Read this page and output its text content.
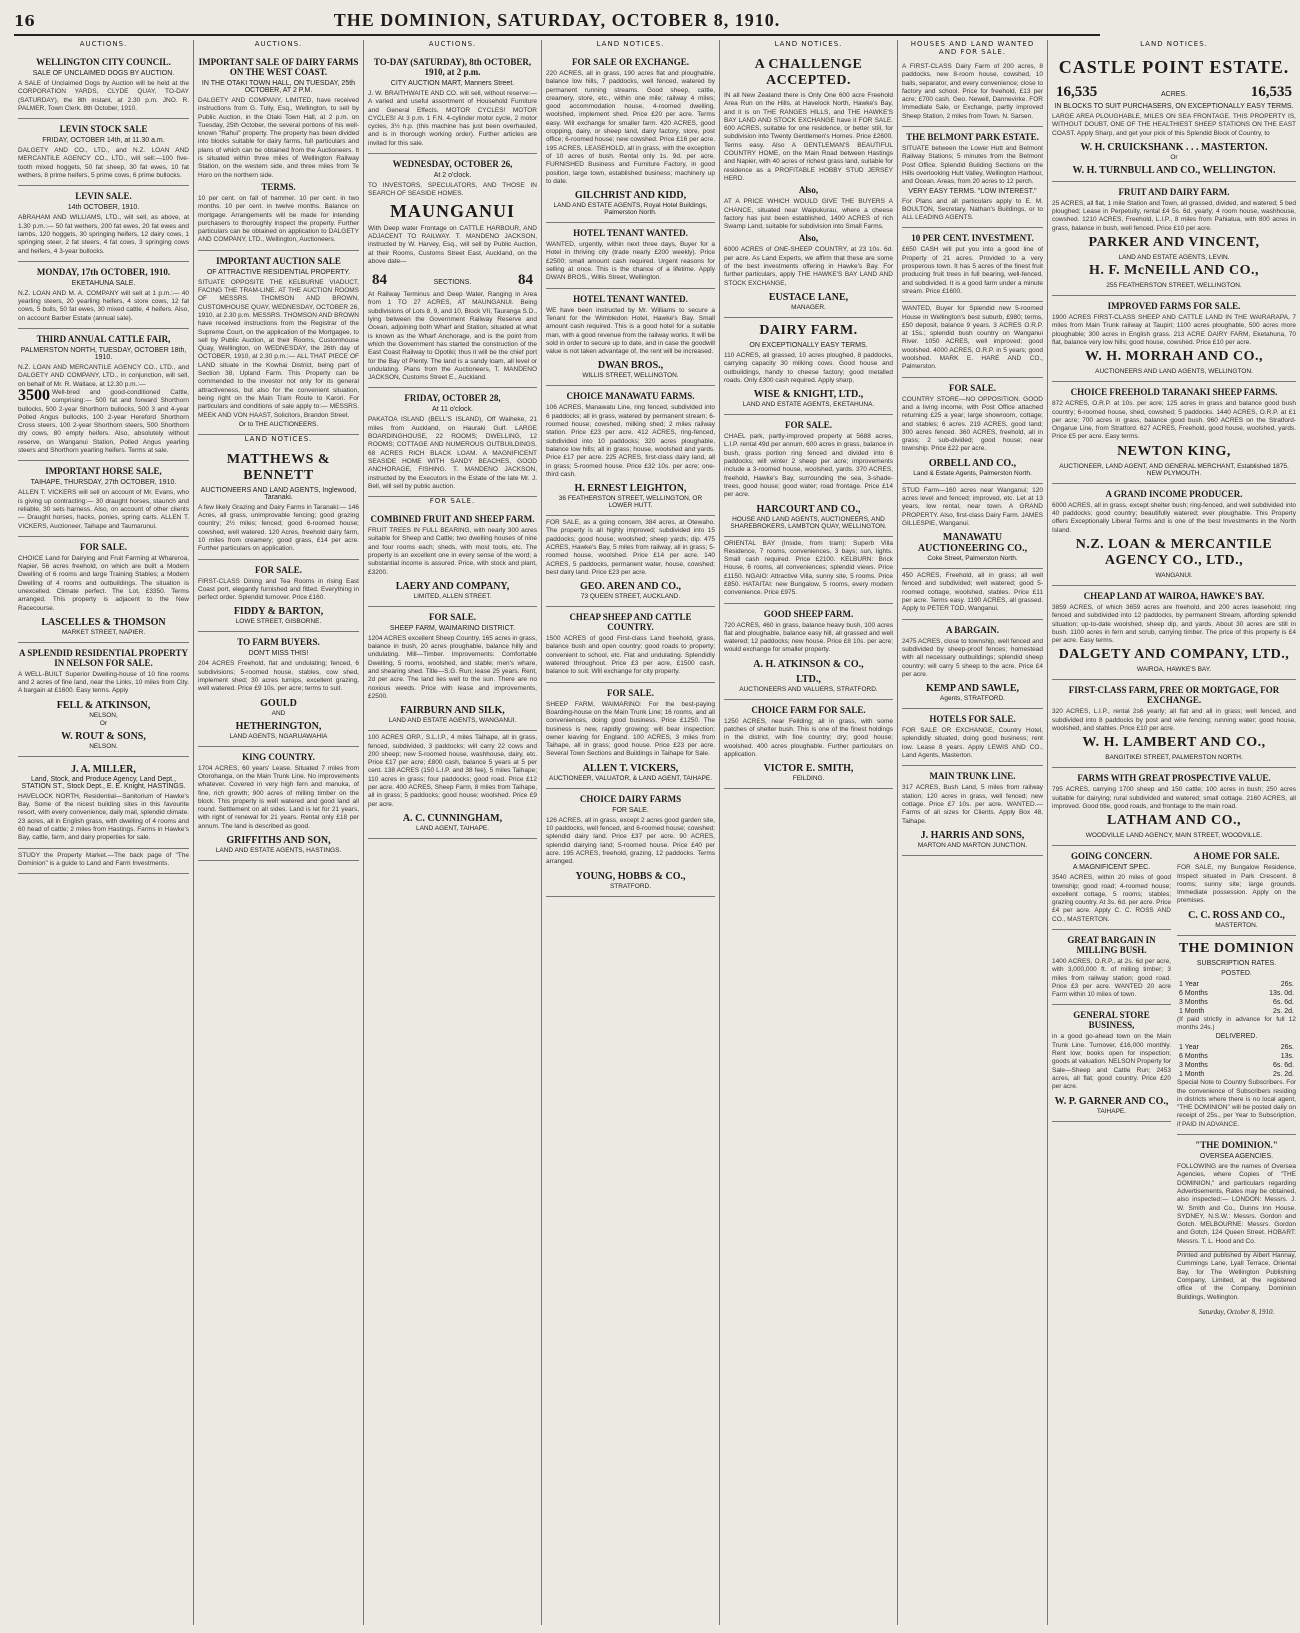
16	THE DOMINION, SATURDAY, OCTOBER 8, 1910.
AUCTIONS.
WELLINGTON CITY COUNCIL.
SALE OF UNCLAIMED DOGS BY AUCTION.

A SALE of Unclaimed Dogs by Auction will be held at the CORPORATION YARDS, CLYDE QUAY, TO-DAY (SATURDAY), the 8th instant, at 2.30 p.m. JNO. R. PALMER, Town Clerk. 8th October, 1910.

LEVIN STOCK SALE
FRIDAY, OCTOBER 14th, at 11.30 a.m.

DALGETY AND CO., LTD., and N.Z. LOAN AND MERCANTILE AGENCY CO., LTD., will sell:—100 five-tooth mixed hoggets, 50 fat sheep, 30 fat ewes, 10 fat wethers, 8 prime heifers, 5 prime cows, 6 prime bullocks.

LEVIN SALE.
14th OCTOBER, 1910.

ABRAHAM AND WILLIAMS, LTD., will sell, as above, at 1.30 p.m.:— 50 fat wethers, 200 fat ewes, 20 fat ewes and lambs, 120 hoggets, 30 springing heifers, 12 dairy cows, 1 springing steer, 2 fat steers, 4 fat cows, 3 springing cows and heifers, 4 3-year bullocks.

MONDAY, 17th OCTOBER, 1910.
EKETAHUNA SALE.

N.Z. LOAN AND M. A. COMPANY will sell at 1 p.m.:— 40 yearling steers, 20 yearling heifers, 4 store cows, 12 fat cows, 5 bulls, 50 fat ewes, 30 mixed cattle, 4 heifers. Also, on account Barber Estate (annual sale).

THIRD ANNUAL CATTLE FAIR,
PALMERSTON NORTH, TUESDAY, OCTOBER 18th, 1910.

N.Z. LOAN AND MERCANTILE AGENCY CO., LTD., and DALGETY AND COMPANY, LTD., in conjunction, will sell, on behalf of Mr. R. Wallace, at 12.30 p.m.:—

3500 Well-bred and good-conditioned Cattle, comprising:— 500 fat and forward Shorthorn bullocks, 500 2-year Shorthorn bullocks, 500 3 and 4-year Polled Angus bullocks, 100 2-year Hereford Shorthorn Cross steers, 100 2-year Shorthorn steers, 500 Shorthorn dry cows, 80 empty heifers. Also, absolutely without reserve, on Wanganui Station, Polled Angus yearling steers and Shorthorn yearling heifers. Terms at sale.

IMPORTANT HORSE SALE,
TAIHAPE, THURSDAY, 27th OCTOBER, 1910.

ALLEN T. VICKERS will sell on account of Mr. Evans, who is giving up contracting:— 30 draught horses, staunch and reliable, 30 sets harness. Also, on account of other clients— Draught horses, hacks, ponies, spring carts. ALLEN T. VICKERS, Auctioneer, Taihape and Taumarunui.

FOR SALE.

CHOICE Land for Dairying and Fruit Farming at Whareroa, Napier, 56 acres freehold, on which are built a Modern Dwelling of 6 rooms and large Training Stables; a Modern Dwelling of 4 rooms and outbuildings. The situation is unexcelled. Climate perfect. The Lot, £3350. Terms arranged. This property is adjacent to the New Racecourse.

LASCELLES & THOMSON
MARKET STREET, NAPIER.
A SPLENDID RESIDENTIAL PROPERTY IN NELSON FOR SALE.

A WELL-BUILT Superior Dwelling-house of 10 fine rooms and 2 acres of fine land, near the Links, 10 miles from City. A bargain at £1600. Easy terms. Apply

FELL & ATKINSON,
NELSON,
Or
W. ROUT & SONS,
NELSON.
J. A. MILLER,
Land, Stock, and Produce Agency, Land Dept., STATION ST., Stock Dept., E. E. Knight, HASTINGS.

HAVELOCK NORTH, Residential—Sanitorium of Hawke's Bay. Some of the nicest building sites in this favourite resort, with every convenience, daily mail, splendid climate. 23 acres, all in English grass, with dwelling of 4 rooms and 60 head of cattle; 2 miles from Hastings. Farms in Hawke's Bay, cattle, farm, and dairy properties for sale.

STUDY the Property Market.—The back page of "The Dominion" is a guide to Land and Farm Investments.

AUCTIONS.
IMPORTANT SALE OF DAIRY FARMS ON THE WEST COAST.
IN THE OTAKI TOWN HALL, ON TUESDAY, 25th OCTOBER, AT 2 P.M.

DALGETY AND COMPANY, LIMITED, have received instructions from G. Tully, Esq., Wellington, to sell by Public Auction, in the Otaki Town Hall, at 2 p.m. on Tuesday, 25th October, the several portions of his well-known "Rahui" property. The property has been divided into blocks suitable for dairy farms, full particulars and plans of which can be obtained from the Auctioneers. It is situated within three miles of Wellington Railway Station, on the western side, and three miles from Te Horo on the northern side.

TERMS.

10 per cent. on fall of hammer. 10 per cent. in two months. 10 per cent. in twelve months. Balance on mortgage. Arrangements will be made for intending purchasers to thoroughly inspect the property. Further particulars can be obtained on application to DALGETY AND COMPANY, LTD., Wellington, Auctioneers.

IMPORTANT AUCTION SALE
OF ATTRACTIVE RESIDENTIAL PROPERTY.

SITUATE OPPOSITE THE KELBURNE VIADUCT, FACING THE TRAM-LINE. AT THE AUCTION ROOMS OF MESSRS. THOMSON AND BROWN, CUSTOMHOUSE QUAY, WEDNESDAY, OCTOBER 26, 1910, at 2.30 p.m. MESSRS. THOMSON AND BROWN have received instructions from the Registrar of the Supreme Court, on the application of the Mortgagee, to sell by Public Auction, at their Rooms, Customhouse Quay, Wellington, on WEDNESDAY, the 26th day of OCTOBER, 1910, at 2.30 p.m.:— ALL THAT PIECE OF LAND situate in the Kowhai District, being part of Section 38, Upland Farm. This Property can be commended to the investor not only for its general attractiveness, but also for the convenient situation, being right on the Main Tram Route to Karori. For particulars and conditions of sale apply to:— MESSRS. MEEK AND VON HAAST, Solicitors, Brandon Street.

Or to THE AUCTIONEERS.
LAND NOTICES.
MATTHEWS & BENNETT
AUCTIONEERS AND LAND AGENTS, Inglewood, Taranaki.

A few likely Grazing and Dairy Farms in Taranaki:— 146 Acres, all grass, unimprovable fencing; good grazing country; 2½ miles; fenced; good 6-roomed house; cowshed, well watered. 120 Acres, freehold dairy farm, 10 miles from creamery; good grass, £14 per acre. Further particulars on application.

FOR SALE.

FIRST-CLASS Dining and Tea Rooms in rising East Coast port, elegantly furnished and fitted. Everything in perfect order. Splendid turnover. Price £160.

FIDDY & BARTON,
LOWE STREET, GISBORNE.
TO FARM BUYERS.
DON'T MISS THIS!

204 ACRES Freehold, flat and undulating; fenced, 6 subdivisions; 5-roomed house, stables, cow shed, implement shed; 30 acres turnips, excellent grazing, well watered. Price £9 10s. per acre; terms to suit.

GOULD
AND
HETHERINGTON,
LAND AGENTS, NGARUAWAHIA
KING COUNTRY.

1704 ACRES, 60 years' Lease. Situated 7 miles from Otorohanga, on the Main Trunk Line. No improvements whatever. Covered in very high fern and manuka, of fine, rich growth; 900 acres of milling timber on the block. This property is well watered and good land all round. Settlement on all sides. Land is let for 21 years, with right of renewal for 21 years. Rental only £18 per annum. The land is described as good.

GRIFFITHS AND SON,
LAND AND ESTATE AGENTS, HASTINGS.
AUCTIONS.
TO-DAY (SATURDAY), 8th OCTOBER, 1910, at 2 p.m.
CITY AUCTION MART, Manners Street.

J. W. BRAITHWAITE AND CO. will sell, without reserve:— A varied and useful assortment of Household Furniture and General Effects. MOTOR CYCLES! MOTOR CYCLES! At 3 p.m. 1 F.N. 4-cylinder motor cycle, 2 motor cycles, 3½ h.p. (this machine has just been overhauled, and is in thorough working order). Further articles are invited for this sale.

WEDNESDAY, OCTOBER 26,
At 2 o'clock.

TO INVESTORS, SPECULATORS, AND THOSE IN SEARCH OF SEASIDE HOMES.

MAUNGANUI

With Deep water Frontage on CATTLE HARBOUR, AND ADJACENT TO RAILWAY. T. MANDENO JACKSON, instructed by W. Harvey, Esq., will sell by Public Auction, at their Rooms, Customs Street East, Auckland, on the above date—

84	SECTIONS.	84

At Railway Terminus and Deep Water, Ranging in Area from 1 TO 27 ACRES, AT MAUNGANUI. Being subdivisions of Lots 8, 9, and 10, Block VII, Tauranga S.D., lying between the Government Railway Reserve and Ocean, adjoining both Wharf and Station, situated at what is known as the Wharf Anchorage, and is the point from which the Government has started the construction of the East Coast Railway to Opotiki; thus it will be the chief port for the Bay of Plenty. The land is a sandy loam, all level or undulating. Plans from the Auctioneers, T. MANDENO JACKSON, Customs Street E., Auckland.

FRIDAY, OCTOBER 28,
At 11 o'clock.

PAKATOA ISLAND (BELL'S ISLAND), Off Waiheke, 21 miles from Auckland, on Hauraki Gulf. LARGE BOARDINGHOUSE, 22 ROOMS; DWELLING, 12 ROOMS; COTTAGE AND NUMEROUS OUTBUILDINGS. 68 ACRES RICH BLACK LOAM. A MAGNIFICENT SEASIDE HOME WITH SANDY BEACHES, GOOD ANCHORAGE, FISHING. T. MANDENO JACKSON, instructed by the Executors in the Estate of the late Mr. J. Bell, will sell by public auction.

FOR SALE.
COMBINED FRUIT AND SHEEP FARM.

FRUIT TREES IN FULL BEARING, with nearly 300 acres suitable for Sheep and Cattle; two dwelling houses of nine and four rooms each; sheds, with most tools, etc. The property is an excellent one in every sense of the word; a substantial income is assured. Price, with stock and plant, £3200.

LAERY AND COMPANY,
LIMITED, ALLEN STREET.
FOR SALE.
SHEEP FARM, WAIMARINO DISTRICT.

1204 ACRES excellent Sheep Country, 165 acres in grass, balance in bush, 20 acres ploughable, balance hilly and undulating. Mill—Timber. Improvements: Comfortable Dwelling, 5 rooms, woolshed, and stable; men's whare, and shearing shed. Title—S.G. Run; lease 25 years. Rent, 2d per acre. The land lies well to the sun. There are no noxious weeds. Price with lease and improvements, £2500.

FAIRBURN AND SILK,
LAND AND ESTATE AGENTS, WANGANUI.

100 ACRES ORP., S.L.I.P., 4 miles Taihape, all in grass, fenced, subdivided, 3 paddocks; will carry 22 cows and 200 sheep; new 5-roomed house, washhouse, dairy, etc. Price £17 per acre; £800 cash, balance 5 years at 5 per cent. 138 ACRES (150 L.I.P. and 38 fee), 5 miles Taihape; 110 acres in grass; four paddocks; good road. Price £12 per acre. 400 ACRES, Sheep Farm, 8 miles from Taihape, all in grass; 5 paddocks; good house; woolshed. Price £9 per acre.

A. C. CUNNINGHAM,
LAND AGENT, TAIHAPE.
LAND NOTICES.
FOR SALE OR EXCHANGE.

220 ACRES, all in grass, 190 acres flat and ploughable, balance low hills, 7 paddocks, well fenced, watered by permanent running streams. Good sheep, cattle, creamery, store, etc., within one mile; railway 4 miles; good accommodation house, 4-roomed dwelling, woolshed, implement shed. Price £20 per acre. Terms easy. Will exchange for smaller farm. 420 ACRES, good cropping, dairy, or sheep land, dairy factory, store, post office; 6-roomed house; new cowshed. Price £16 per acre. 195 ACRES, LEASEHOLD, all in grass, with the exception of 10 acres of bush. Rental only 1s. 9d. per acre. FURNISHED Business and Furniture Factory, in good position, large town, established business; machinery up to date.

GILCHRIST AND KIDD,
LAND AND ESTATE AGENTS, Royal Hotel Buildings, Palmerston North.
HOTEL TENANT WANTED.

WANTED, urgently, within next three days, Buyer for a Hotel in thriving city (trade nearly £200 weekly). Price £2500; small amount cash required. Urgent reasons for selling at once. This is the chance of a lifetime. Apply DWAN BROS., Willis Street, Wellington.

HOTEL TENANT WANTED.

WE have been instructed by Mr. Williams to secure a Tenant for the Wimbledon Hotel, Hawke's Bay. Small amount cash required. This is a good hotel for a suitable man, with a good revenue from the railway works. It will be sold in order to secure up to date, and in case the goodwill value is not taken advantage of, the rent will be increased.

DWAN BROS.,
WILLIS STREET, WELLINGTON.
CHOICE MANAWATU FARMS.

106 ACRES, Manawatu Line, ring fenced, subdivided into 6 paddocks; all in grass, watered by permanent stream; 6-roomed house; cowshed, milking shed; 2 miles railway station. Price £23 per acre. 412 ACRES, ring-fenced, subdivided into 10 paddocks; 320 acres ploughable, balance low hills; all in grass; house, woolshed and yards. Price £17 per acre. 225 ACRES, first-class dairy land, all in grass; 5-roomed house. Price £32 10s. per acre; one-third cash.

H. ERNEST LEIGHTON,
36 FEATHERSTON STREET, WELLINGTON, OR LOWER HUTT.

FOR SALE, as a going concern, 384 acres, at Otewaho. The property is all highly improved; subdivided into 15 paddocks; good house; woolshed; sheep yards; dip. 475 ACRES, Hawke's Bay, 5 miles from railway, all in grass; 5-roomed house, woolshed. Price £14 per acre. 140 ACRES, 5 paddocks, permanent water, house, cowshed; best dairy land. Price £23 per acre.

GEO. AREN AND CO.,
73 QUEEN STREET, AUCKLAND.
CHEAP SHEEP AND CATTLE COUNTRY.

1500 ACRES of good First-class Land freehold, grass, balance bush and open country; good roads to property; convenient to school, etc. Flat and undulating. Splendidly watered throughout. Price £3 per acre, £1500 cash, balance to suit. Will exchange for city property.

FOR SALE.

SHEEP FARM, WAIMARINO: For the best-paying Boarding-house on the Main Trunk Line; 16 rooms, and all conveniences, doing good business. Price £1250. The business is new, rapidly growing; will bear inspection; owner leaving for England. 100 ACRES, 3 miles from Taihape, all in grass; good house. Price £23 per acre. Several Town Sections and Buildings in Taihape for Sale.

ALLEN T. VICKERS,
AUCTIONEER, VALUATOR, & LAND AGENT, TAIHAPE.
CHOICE DAIRY FARMS
FOR SALE.

126 ACRES, all in grass, except 2 acres good garden site, 10 paddocks, well fenced, and 6-roomed house; cowshed; splendid dairy land. Price £37 per acre. 90 ACRES, splendid dairying land; 5-roomed house. Price £40 per acre. 195 ACRES, freehold, grazing, 12 paddocks. Terms arranged.

YOUNG, HOBBS & CO.,
STRATFORD.
LAND NOTICES.
A CHALLENGE ACCEPTED.

IN all New Zealand there is Only One 600 acre Freehold Area Run on the Hills, at Havelock North, Hawke's Bay, and it is on THE RANGES HILLS, and THE HAWKE'S BAY LAND AND STOCK EXCHANGE have it FOR SALE. 600 ACRES, suitable for one residence, or better still, for subdivision into Twenty Gentlemen's Homes. Price £2600. Terms easy. Also A GENTLEMAN'S BEAUTIFUL COUNTRY HOME, on the Main Road between Hastings and Napier, with 40 acres of richest grass land, suitable for residence as a PROFITABLE HOBBY STUD JERSEY HERD.

Also,

AT A PRICE WHICH WOULD GIVE THE BUYERS A CHANCE, situated near Waipukurau, where a cheese factory has just been established, 1400 ACRES of rich Swamp Land, suitable for subdivision into Small Farms.

Also,

6000 ACRES of ONE-SHEEP COUNTRY, at 23 10s. 6d. per acre. As Land Experts, we affirm that these are some of the best investments offering in Hawke's Bay. For further particulars, apply THE HAWKE'S BAY LAND AND STOCK EXCHANGE,

EUSTACE LANE,
MANAGER.
DAIRY FARM.
ON EXCEPTIONALLY EASY TERMS.

110 ACRES, all grassed, 10 acres ploughed, 8 paddocks, carrying capacity 30 milking cows. Good house and outbuildings, handy to cheese factory; good metalled roads. Only £300 cash required. Apply sharp,

WISE & KNIGHT, LTD.,
LAND AND ESTATE AGENTS, EKETAHUNA.
FOR SALE.

CHAEL park, partly-improved property at 5688 acres, L.I.P. rental 49d per annum, 600 acres in grass, balance in bush, grass portion ring fenced and divided into 6 paddocks; will winter 2 sheep per acre; improvements include a 3-roomed house, woolshed, yards. 370 ACRES, freehold, Hawke's Bay, surrounding the sea, 3-shade-trees, good house; good water; road frontage. Price £14 per acre.

HARCOURT AND CO.,
HOUSE AND LAND AGENTS, AUCTIONEERS, AND SHAREBROKERS, LAMBTON QUAY, WELLINGTON.

ORIENTAL BAY (Inside, from tram): Superb Villa Residence, 7 rooms, conveniences, 3 bays; sun, lights. Small cash required. Price £2100. KELBURN: Brick House, 6 rooms, all conveniences; splendid views. Price £1150. NGAIO: Attractive Villa, sunny site, 5 rooms. Price £850. HATAITAI: new Bungalow, 5 rooms, every modern convenience. Price £975.

GOOD SHEEP FARM.

720 ACRES, 460 in grass, balance heavy bush, 100 acres flat and ploughable, balance easy hill, all grassed and well watered; 12 paddocks; new house. Price £8 10s. per acre; would exchange for smaller property.

A. H. ATKINSON & CO.,
LTD.,
AUCTIONEERS AND VALUERS, STRATFORD.
CHOICE FARM FOR SALE.

1250 ACRES, near Feilding; all in grass, with some patches of shelter bush. This is one of the finest holdings in the district, with fine country; dry; good house; woolshed. 400 acres ploughable. Further particulars on application.

VICTOR E. SMITH,
FEILDING.
HOUSES AND LAND WANTED AND FOR SALE.

A FIRST-CLASS Dairy Farm of 200 acres, 8 paddocks, new 8-room house, cowshed, 10 bails, separator, and every convenience; close to factory and school. Price for freehold, £13 per acre; £700 cash. Geo. Newell, Dannevirke. FOR Immediate Sale, or Exchange, partly improved Sheep Station, 2 miles from Town. N. Sarsen.

THE BELMONT PARK ESTATE.

SITUATE between the Lower Hutt and Belmont Railway Stations; 5 minutes from the Belmont Post Office. Splendid Building Sections on the Hills overlooking Hutt Valley, Wellington Harbour, and Ocean. Areas, from 20 acres to 12 perch.

VERY EASY TERMS. "LOW INTEREST."

For Plans and all particulars apply to E. M. BOULTON, Secretary, Nathan's Buildings, or to ALL LEADING AGENTS.

10 PER CENT. INVESTMENT.

£650 CASH will put you into a good line of Property of 21 acres. Provided to a very prosperous town. It has 5 acres of the finest fruit producing fruit trees in full bearing, well-fenced, and subdivided. It is a good farm under a minute stream. Price £1600.

WANTED, Buyer for Splendid new 5-roomed House in Wellington's best suburb, £980; terms, £50 deposit, balance 9 years. 3 ACRES O.R.P. at 15s.; splendid bush country on Wanganui River. 1050 ACRES, well improved; good woolshed. 4000 ACRES, O.R.P. in 5 years; good woolshed. MARK E. HARE AND CO., Palmerston.

FOR SALE.

COUNTRY STORE—NO OPPOSITION. GOOD and a living income, with Post Office attached returning £25 a year; large showroom, cottage; and stables; 6 acres. 219 ACRES, good land; 300 acres fenced. 360 ACRES, freehold, all in grass; 2 sub-divided; good house; near township. Price £22 per acre.

ORBELL AND CO.,
Land & Estate Agents, Palmerston North.

STUD Farm—160 acres near Wanganui; 120 acres level and fenced; improved, etc. Let at 13 years, low rental, near town. A GRAND PROPERTY. Also, first-class Dairy Farm. JAMES GILLESPIE, Wanganui.

MANAWATU AUCTIONEERING CO.,
Coke Street, Palmerston North.

450 ACRES, Freehold, all in grass; all well fenced and subdivided; well watered; good 5-roomed cottage, woolshed, stables. Price £11 per acre. Terms easy. 1190 ACRES, all grassed. Apply to PETER TOD, Wanganui.

A BARGAIN.

2475 ACRES, close to township, well fenced and subdivided by sheep-proof fences; homestead with all necessary outbuildings; splendid sheep country; will carry 5 sheep to the acre. Price £4 per acre.

KEMP AND SAWLE,
Agents, STRATFORD.
HOTELS FOR SALE.

FOR SALE OR EXCHANGE, Country Hotel, splendidly situated, doing good business; rent low. Lease 8 years. Apply LEWIS AND CO., Land Agents, Masterton.

MAIN TRUNK LINE.

317 ACRES, Bush Land, 5 miles from railway station; 120 acres in grass, well fenced; new cottage. Price £7 10s. per acre. WANTED.—Farms of all sizes for Clients. Apply Box 48, Taihape.

J. HARRIS AND SONS,
MARTON AND MARTON JUNCTION.
LAND NOTICES.
CASTLE POINT ESTATE.
16,535	ACRES.	16,535
IN BLOCKS TO SUIT PURCHASERS, ON EXCEPTIONALLY EASY TERMS.

LARGE AREA PLOUGHABLE, MILES ON SEA FRONTAGE. THIS PROPERTY IS, WITHOUT DOUBT, ONE OF THE HEALTHIEST SHEEP STATIONS ON THE EAST COAST. Apply Sharp, and get your pick of this Splendid Block of Country, to

W. H. CRUICKSHANK . . . MASTERTON.
Or
W. H. TURNBULL AND CO., WELLINGTON.
FRUIT AND DAIRY FARM.

25 ACRES, all flat, 1 mile Station and Town, all grassed, divided, and watered; 5 bed ploughed; Lease in Perpetuity, rental £4 5s. 6d. yearly; 4 room house, washhouse, cowshed. 1210 ACRES, Freehold, L.I.P., 8 miles from Pahiatua, with 800 acres in grass, balance in bush, well fenced. Price £10 per acre.

PARKER AND VINCENT,
LAND AND ESTATE AGENTS, LEVIN.
H. F. McNEILL AND CO.,
255 FEATHERSTON STREET, WELLINGTON.
IMPROVED FARMS FOR SALE.

1900 ACRES FIRST-CLASS SHEEP AND CATTLE LAND IN THE WAIRARAPA, 7 miles from Main Trunk railway at Taupiri; 1100 acres ploughable, 500 acres more ploughable; 300 acres in English grass. 213 ACRE DAIRY FARM, Eketahuna, 70 flat, balance very low hills; good house, cowshed. Price £10 per acre.

W. H. MORRAH AND CO.,
AUCTIONEERS AND LAND AGENTS, WELLINGTON.
CHOICE FREEHOLD TARANAKI SHEEP FARMS.

872 ACRES, O.R.P. at 10s. per acre; 125 acres in grass and balance good bush country; 6-roomed house, shed, cowshed; 5 paddocks. 1440 ACRES, O.R.P. at £1 per acre; 700 acres in grass, balance good bush. 960 ACRES on the Stratford-Ongarue Line, from Stratford. 627 ACRES, Freehold, good house, woolshed, yards. Price £5 per acre. Easy terms.

NEWTON KING,
AUCTIONEER, LAND AGENT, AND GENERAL MERCHANT, Established 1875. NEW PLYMOUTH.
A GRAND INCOME PRODUCER.

6000 ACRES, all in grass, except shelter bush; ring-fenced, and well subdivided into 40 paddocks; good country; beautifully watered; ever ploughable. This Property offers Exceptionally Liberal Terms and is one of the best Investments in the North Island.

N.Z. LOAN & MERCANTILE AGENCY CO., LTD.,
WANGANUI.
CHEAP LAND AT WAIROA, HAWKE'S BAY.

3859 ACRES, of which 3659 acres are freehold, and 200 acres leasehold; ring fenced and subdivided into 12 paddocks, by permanent Stream, affording splendid situation; up-to-date woolshed, sheep dip, and yards. About 30 acres are still in bush. 1100 acres in fern and scrub, carrying timber. The price of this property is £4 per acre. Easy terms.

DALGETY AND COMPANY, LTD.,
WAIROA, HAWKE'S BAY.
FIRST-CLASS FARM, FREE OR MORTGAGE, FOR EXCHANGE.

320 ACRES, L.I.P., rental 2s6 yearly; all flat and all in grass; well fenced, and subdivided into 8 paddocks by post and wire fencing; running water; good house, woolshed, and stables. Price £10 per acre.

W. H. LAMBERT AND CO.,
BANGITIKEI STREET, PALMERSTON NORTH.
FARMS WITH GREAT PROSPECTIVE VALUE.

795 ACRES, carrying 1700 sheep and 150 cattle; 100 acres in bush; 250 acres suitable for dairying; rural subdivided and watered; small cottage. 2160 ACRES, all improved. Good title, good roads, and frontage to the main road.

LATHAM AND CO.,
WOODVILLE LAND AGENCY, MAIN STREET, WOODVILLE.
GOING CONCERN.
A MAGNIFICENT SPEC.

3540 ACRES, within 20 miles of good township; good road; 4-roomed house; excellent cottage, 5 rooms; stables; grazing country. At 3s. 6d. per acre. Price £4 per acre. Apply C. C. ROSS AND CO., MASTERTON.

GREAT BARGAIN IN MILLING BUSH.

1400 ACRES, O.R.P., at 2s. 6d per acre, with 3,000,000 ft. of milling timber; 3 miles from railway station; good road. Price £3 per acre. WANTED 20 acre Farm within 10 miles of town.

GENERAL STORE BUSINESS,

in a good go-ahead town on the Main Trunk Line. Turnover, £16,000 monthly. Rent low; books open for inspection; goods at valuation. NELSON Property for Sale—Sheep and Cattle Run; 2453 acres, all flat; good country. Price £20 per acre.

W. P. GARNER AND CO.,
TAIHAPE.
A HOME FOR SALE.

FOR SALE, my Bungalow Residence, Inspect situated in Park Crescent. 8 rooms; sunny site; large grounds. Immediate possession. Apply on the premises.

C. C. ROSS AND CO.,
MASTERTON.
THE DOMINION
SUBSCRIPTION RATES.
POSTED.
1 Year	26s.
6 Months	13s. 0d.
3 Months	6s. 6d.
1 Month	2s. 2d.

(If paid strictly in advance for full 12 months 24s.)

DELIVERED.
1 Year	26s.
6 Months	13s.
3 Months	6s. 6d.
1 Month	2s. 2d.

Special Note to Country Subscribers. For the convenience of Subscribers residing in districts where there is no local agent, "THE DOMINION" will be posted daily on receipt of 25s., per Year to Subscription, if PAID IN ADVANCE.

"THE DOMINION."
OVERSEA AGENCIES.

FOLLOWING are the names of Oversea Agencies, where Copies of "THE DOMINION," and particulars regarding Advertisements, Rates may be obtained, also inspected:— LONDON: Messrs. J. W. Smith and Co., Dunns Inn House. SYDNEY, N.S.W.: Messrs. Gordon and Gotch. MELBOURNE: Messrs. Gordon and Gotch, 124 Queen Street. HOBART: Messrs. T. L. Hood and Co.

Printed and published by Albert Hannay, Cummings Lane, Lyall Terrace, Oriental Bay, for The Wellington Publishing Company, Limited, at the registered office of the Company, Dominion Buildings, Wellington.

Saturday, October 8, 1910.
